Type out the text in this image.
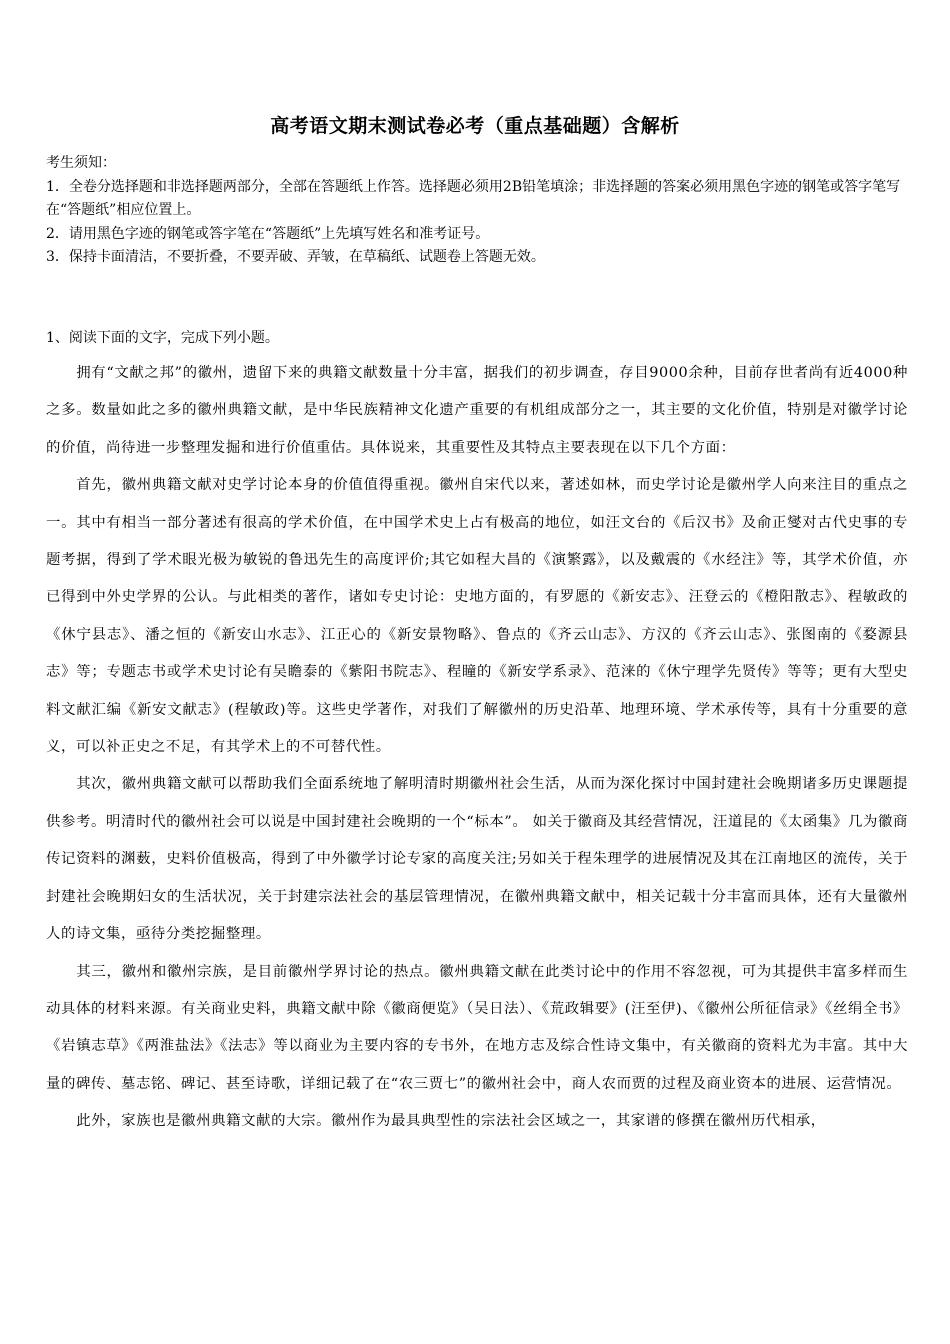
高考语文期末测试卷必考（重点基础题）含解析
考生须知：
1．全卷分选择题和非选择题两部分，全部在答题纸上作答。选择题必须用2B铅笔填涂；非选择题的答案必须用黑色字迹的钢笔或答字笔写在“答题纸”相应位置上。
2．请用黑色字迹的钢笔或答字笔在“答题纸”上先填写姓名和准考证号。
3．保持卡面清洁，不要折叠，不要弄破、弄皱，在草稿纸、试题卷上答题无效。
1、阅读下面的文字，完成下列小题。

拥有“文献之邦”的徽州，遗留下来的典籍文献数量十分丰富，据我们的初步调查，存目9000余种，目前存世者尚有近4000种之多。数量如此之多的徽州典籍文献，是中华民族精神文化遗产重要的有机组成部分之一，其主要的文化价值，特别是对徽学讨论的价值，尚待进一步整理发掘和进行价值重估。具体说来，其重要性及其特点主要表现在以下几个方面：

首先，徽州典籍文献对史学讨论本身的价值值得重视。徽州自宋代以来，著述如林，而史学讨论是徽州学人向来注目的重点之一。其中有相当一部分著述有很高的学术价值，在中国学术史上占有极高的地位，如汪文台的《后汉书》及俞正燮对古代史事的专题考据，得到了学术眼光极为敏锐的鲁迅先生的高度评价;其它如程大昌的《演繁露》，以及戴震的《水经注》等，其学术价值，亦已得到中外史学界的公认。与此相类的著作，诸如专史讨论：史地方面的，有罗愿的《新安志》、汪登云的《橙阳散志》、程敏政的《休宁县志》、潘之恒的《新安山水志》、江正心的《新安景物略》、鲁点的《齐云山志》、方汉的《齐云山志》、张图南的《婺源县志》等；专题志书或学术史讨论有吴瞻泰的《紫阳书院志》、程瞳的《新安学系录》、范涞的《休宁理学先贤传》等等；更有大型史料文献汇编《新安文献志》(程敏政)等。这些史学著作，对我们了解徽州的历史沿革、地理环境、学术承传等，具有十分重要的意义，可以补正史之不足，有其学术上的不可替代性。

其次，徽州典籍文献可以帮助我们全面系统地了解明清时期徽州社会生活，从而为深化探讨中国封建社会晚期诸多历史课题提供参考。明清时代的徽州社会可以说是中国封建社会晚期的一个“标本”。 如关于徽商及其经营情况，汪道昆的《太函集》几为徽商传记资料的渊薮，史料价值极高，得到了中外徽学讨论专家的高度关注;另如关于程朱理学的进展情况及其在江南地区的流传，关于封建社会晚期妇女的生活状况，关于封建宗法社会的基层管理情况，在徽州典籍文献中，相关记载十分丰富而具体，还有大量徽州人的诗文集，亟待分类挖掘整理。

其三，徽州和徽州宗族，是目前徽州学界讨论的热点。徽州典籍文献在此类讨论中的作用不容忽视，可为其提供丰富多样而生动具体的材料来源。有关商业史料，典籍文献中除《徽商便览》（吴日法）、《荒政辑要》(汪至伊)、《徽州公所征信录》《丝绢全书》《岩镇志草》《两淮盐法》《法志》等以商业为主要内容的专书外，在地方志及综合性诗文集中，有关徽商的资料尤为丰富。其中大量的碑传、墓志铭、碑记、甚至诗歌，详细记载了在“农三贾七”的徽州社会中，商人农而贾的过程及商业资本的进展、运营情况。

此外，家族也是徽州典籍文献的大宗。徽州作为最具典型性的宗法社会区域之一，其家谱的修撰在徽州历代相承，
